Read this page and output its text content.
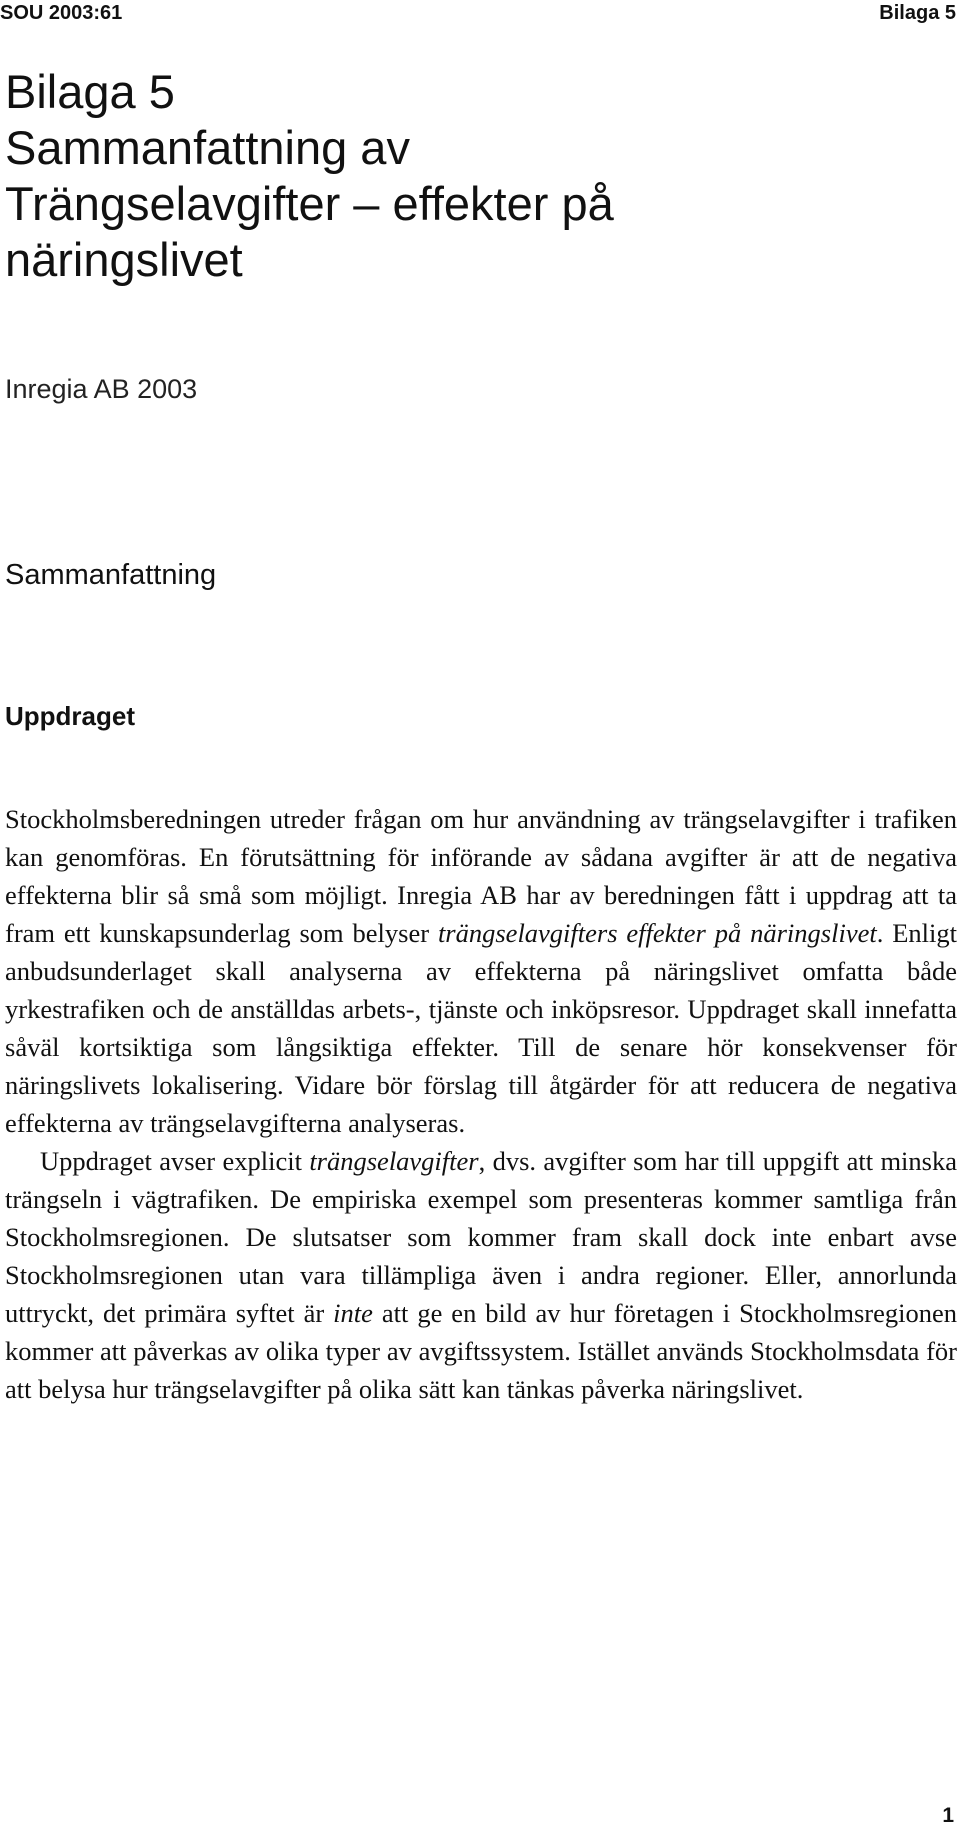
SOU 2003:61	Bilaga 5
Bilaga 5
Sammanfattning av
Trängselavgifter – effekter på
näringslivet
Inregia AB 2003
Sammanfattning
Uppdraget

Stockholmsberedningen utreder frågan om hur användning av trängselavgifter i trafiken kan genomföras. En förutsättning för införande av sådana avgifter är att de negativa effekterna blir så små som möjligt. Inregia AB har av beredningen fått i uppdrag att ta fram ett kunskapsunderlag som belyser trängselavgifters effekter på näringslivet. Enligt anbudsunderlaget skall analyserna av effekterna på näringslivet omfatta både yrkestrafiken och de anställdas arbets-, tjänste och inköpsresor. Uppdraget skall innefatta såväl kortsiktiga som långsiktiga effekter. Till de senare hör konsekvenser för näringslivets lokalisering. Vidare bör förslag till åtgärder för att reducera de negativa effekterna av trängselavgifterna analyseras.

Uppdraget avser explicit trängselavgifter, dvs. avgifter som har till uppgift att minska trängseln i vägtrafiken. De empiriska exempel som presenteras kommer samtliga från Stockholmsregionen. De slutsatser som kommer fram skall dock inte enbart avse Stockholmsregionen utan vara tillämpliga även i andra regioner. Eller, annorlunda uttryckt, det primära syftet är inte att ge en bild av hur företagen i Stockholmsregionen kommer att påverkas av olika typer av avgiftssystem. Istället används Stockholmsdata för att belysa hur trängselavgifter på olika sätt kan tänkas påverka näringslivet.

1
